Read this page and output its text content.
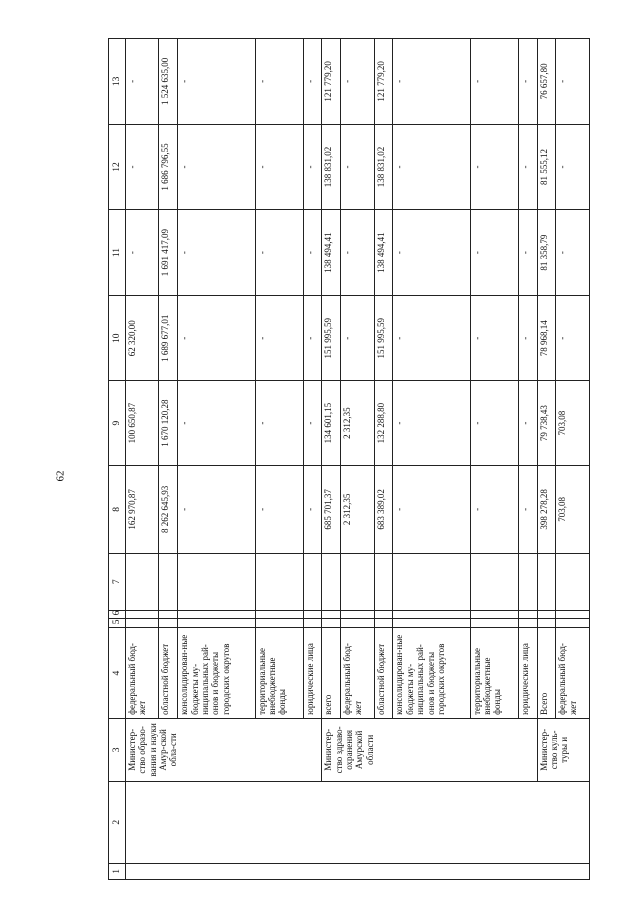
62
1	2	3	4	5	6	7	8	9	10	11	12	13
		Министер-ство образо-вания и науки Амур-ской обла-сти	федеральный бюд-жет				162 970,87	100 650,87	62 320,00	-	-	-
			областной бюджет				8 262 645,93	1 670 120,28	1 689 677,01	1 691 417,09	1 686 796,55	1 524 635,00
			консолидирован-ные бюджеты му-ниципальных рай-онов и бюджеты городских округов				-	-	-	-	-	-
			территориальные внебюджетные фонды				-	-	-	-	-	-
			юридические лица				-	-	-	-	-	-
		Министер-ство здраво-охранения Амурской области	всего				685 701,37	134 601,15	151 995,59	138 494,41	138 831,02	121 779,20
			федеральный бюд-жет				2 312,35	2 312,35	-	-	-	-
			областной бюджет				683 389,02	132 288,80	151 995,59	138 494,41	138 831,02	121 779,20
			консолидирован-ные бюджеты му-ниципальных рай-онов и бюджеты городских округов				-	-	-	-	-	-
			территориальные внебюджетные фонды				-	-	-	-	-	-
			юридические лица				-	-	-	-	-	-
		Министер-ство куль-туры и	Всего				398 278,28	79 738,43	78 968,14	81 358,79	81 555,12	76 657,80
			федеральный бюд-жет				703,08	703,08	-	-	-	-
